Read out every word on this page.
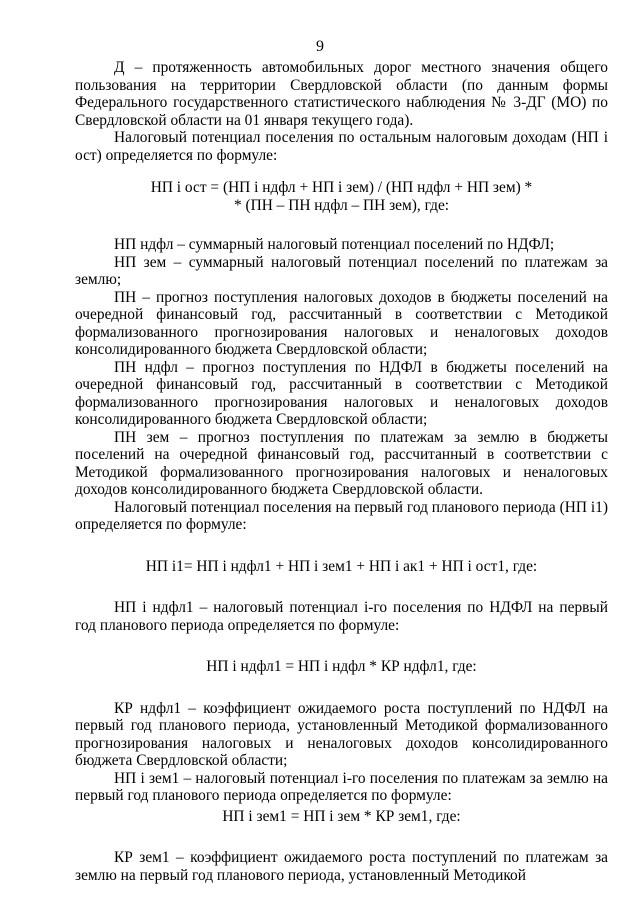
9

Д – протяженность автомобильных дорог местного значения общего пользования на территории Свердловской области (по данным формы Федерального государственного статистического наблюдения № 3-ДГ (МО) по Свердловской области на 01 января текущего года).

Налоговый потенциал поселения по остальным налоговым доходам (НП i ост) определяется по формуле:

НП i ост = (НП i ндфл + НП i зем) / (НП ндфл + НП зем) *

* (ПН – ПН ндфл – ПН зем), где:

НП ндфл – суммарный налоговый потенциал поселений по НДФЛ;

НП зем – суммарный налоговый потенциал поселений по платежам за землю;

ПН – прогноз поступления налоговых доходов в бюджеты поселений на очередной финансовый год, рассчитанный в соответствии с Методикой формализованного прогнозирования налоговых и неналоговых доходов консолидированного бюджета Свердловской области;

ПН ндфл – прогноз поступления по НДФЛ в бюджеты поселений на очередной финансовый год, рассчитанный в соответствии с Методикой формализованного прогнозирования налоговых и неналоговых доходов консолидированного бюджета Свердловской области;

ПН зем – прогноз поступления по платежам за землю в бюджеты поселений на очередной финансовый год, рассчитанный в соответствии с Методикой формализованного прогнозирования налоговых и неналоговых доходов консолидированного бюджета Свердловской области.

Налоговый потенциал поселения на первый год планового периода (НП i1) определяется по формуле:

НП i1= НП i ндфл1 + НП i зем1 + НП i ак1 + НП i ост1, где:

НП i ндфл1 – налоговый потенциал i-го поселения по НДФЛ на первый год планового периода определяется по формуле:

НП i ндфл1 = НП i ндфл * КР ндфл1, где:

КР ндфл1 – коэффициент ожидаемого роста поступлений по НДФЛ на первый год планового периода, установленный Методикой формализованного прогнозирования налоговых и неналоговых доходов консолидированного бюджета Свердловской области;

НП i зем1 – налоговый потенциал i-го поселения по платежам за землю на первый год планового периода определяется по формуле:

НП i зем1 = НП i зем * КР зем1, где:

КР зем1 – коэффициент ожидаемого роста поступлений по платежам за землю на первый год планового периода, установленный Методикой
